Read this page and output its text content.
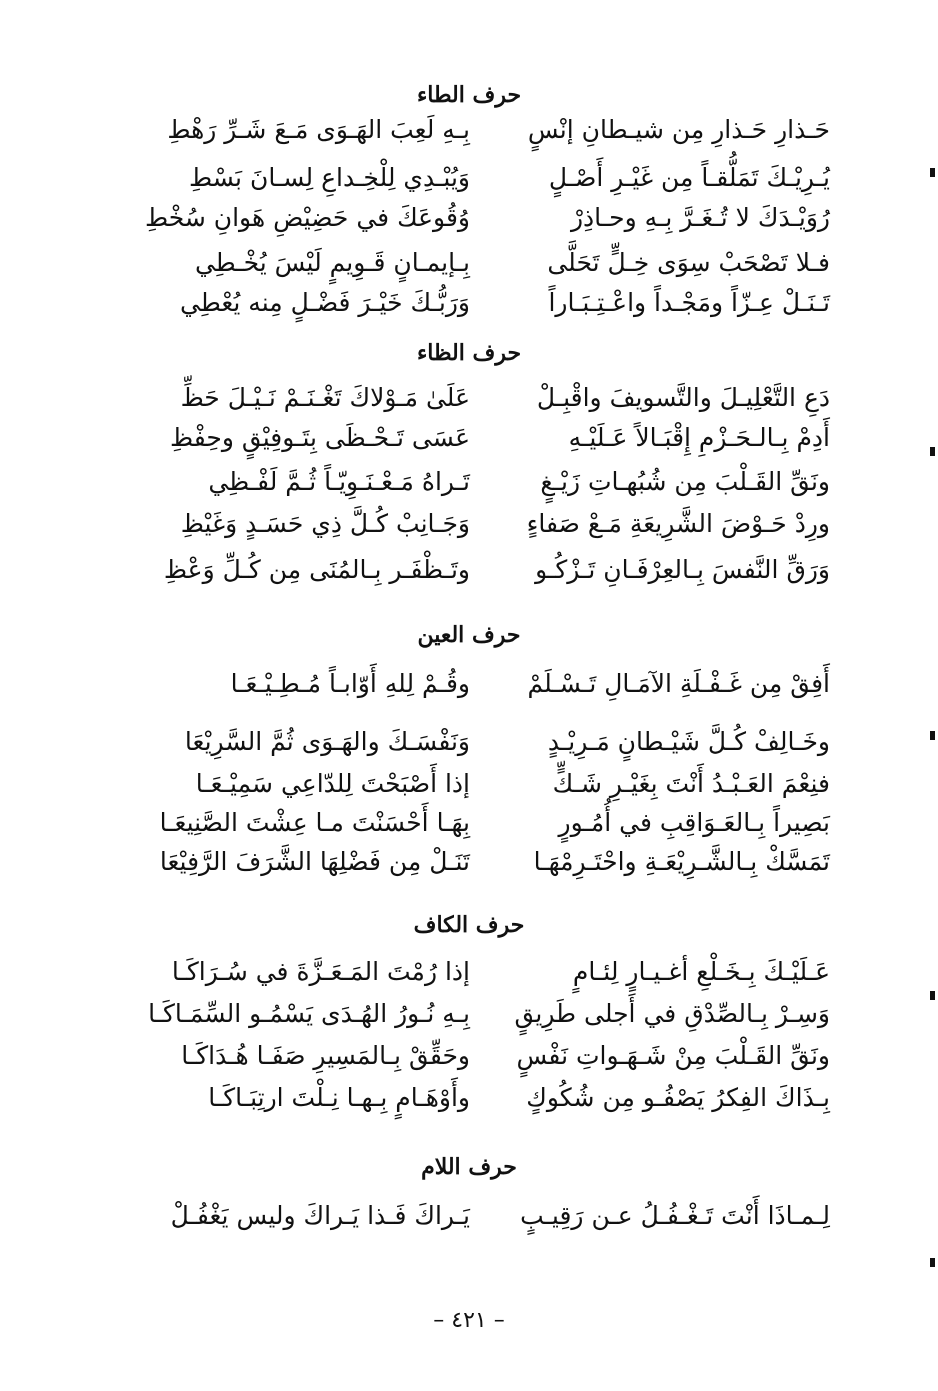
حرف الطاء
حَـذارِ حَـذارِ مِن شيـطانِ إنْسٍ
بِـهِ لَعِبَ الهَـوَى مَـعَ شَـرِّ رَهْطِ
يُـرِيْـكَ تَمَلُّقـاً مِن غَيْـرِ أَصْـلٍ
وَيُبْـدِي لِلْخِـداعِ لِسـانَ بَسْطِ
رُوَيْـدَكَ لا تُـغَـرَّ بِـهِ وحـاذِرْ
وُقُوعَكَ في حَضِيْضِ هَوانِ سُخْطِ
فـلا تَصْحَبْ سِوَى خِـلٍّ تَحَلَّى
بِـإيمـانٍ قَـوِيمٍ لَيْسَ يُخْـطِي
تَـنَـلْ عِـزّاً ومَجْـداً واعْـتِـبَـاراً
وَرَبُّـكَ خَيْـرَ فَضْـلٍ مِنه يُعْطِي
حرف الظاء
دَعِ التَّعْلِيـلَ والتَّسويفَ واقْبِـلْ
عَلَىٰ مَـوْلاكَ تَغْـنَـمْ نَـيْـلَ حَظِّ
أَدِمْ بِـالـحَـزْمِ إِقْبَـالاً عَـلَيْـهِ
عَسَى تَـحْـظَى بِتَـوفِيْقٍ وحِفْظِ
ونَقِّ القَـلْبَ مِن شُبُهـاتِ زَيْـغٍ
تَـراهُ مَـعْـنَـوِيّـاً ثُـمَّ لَفْـظِي
ورِدْ حَـوْضَ الشَّرِيعَةِ مَـعْ صَفاءٍ
وَجَـانِبْ كُـلَّ ذِي حَسَـدٍ وَغَيْظِ
وَرَقِّ النَّفسَ بِـالعِرْفَـانِ تَـزْكُـو
وتَـظْفَـر بِـالمُنَى مِن كُـلِّ وَعْظِ
حرف العين
أَفِقْ مِن غَـفْـلَةِ الآمَـالِ تَـسْـلَمْ
وقُـمْ لِلهِ أَوّابـاً مُـطِـيْـعَـا
وخَـالِفْ كُـلَّ شَيْـطانٍ مَـرِيْـدٍ
وَنَفْسَـكَ والهَـوَى ثُمَّ السَّرِيْعَا
فنِعْمَ العَـبْـدُ أَنْتَ بِغَيْـرِ شَـكٍّ
إذا أَصْبَحْتَ لِلدّاعِي سَمِيْـعَـا
بَصِيراً بِـالعَـوَاقِبِ في أُمُـورٍ
بِهَـا أَحْسَنْتَ مـا عِشْتَ الصَّنِيعَـا
تَمَسَّكْ بِـالشَّـرِيْعَـةِ واحْتَـرِمْهَـا
تَنَـلْ مِن فَضْلِهَا الشَّرَفَ الرَّفِيْعَا
حرف الكاف
عَـلَيْـكَ بِـخَـلْعِ أغـيـارٍ لِئـامٍ
إذا رُمْتَ المَـعَـزَّةَ في سُـرَاكَـا
وَسِـرْ بِـالصِّدْقِ في أَجلى طَرِيقٍ
بِـهِ نُـورُ الهُـدَى يَسْمُـو السِّمَـاكَـا
ونَقِّ القَـلْبَ مِنْ شَـهَـواتِ نَفْسٍ
وحَقِّقْ بِـالمَسِيرِ صَفَـا هُـدَاكَـا
بِـذَاكَ الفِكرُ يَصْفُـو مِن شُكُوكٍ
وأَوْهَـامٍ بِـهـا نِـلْتَ ارتِبَـاكَـا
حرف اللام
لِـمـاذَا أَنْتَ تَـغْـفُـلُ عـن رَقِيـبٍ
يَـراكَ فَـذا يَـراكَ وليس يَغْفُـلْ
– ٤٢١ –
